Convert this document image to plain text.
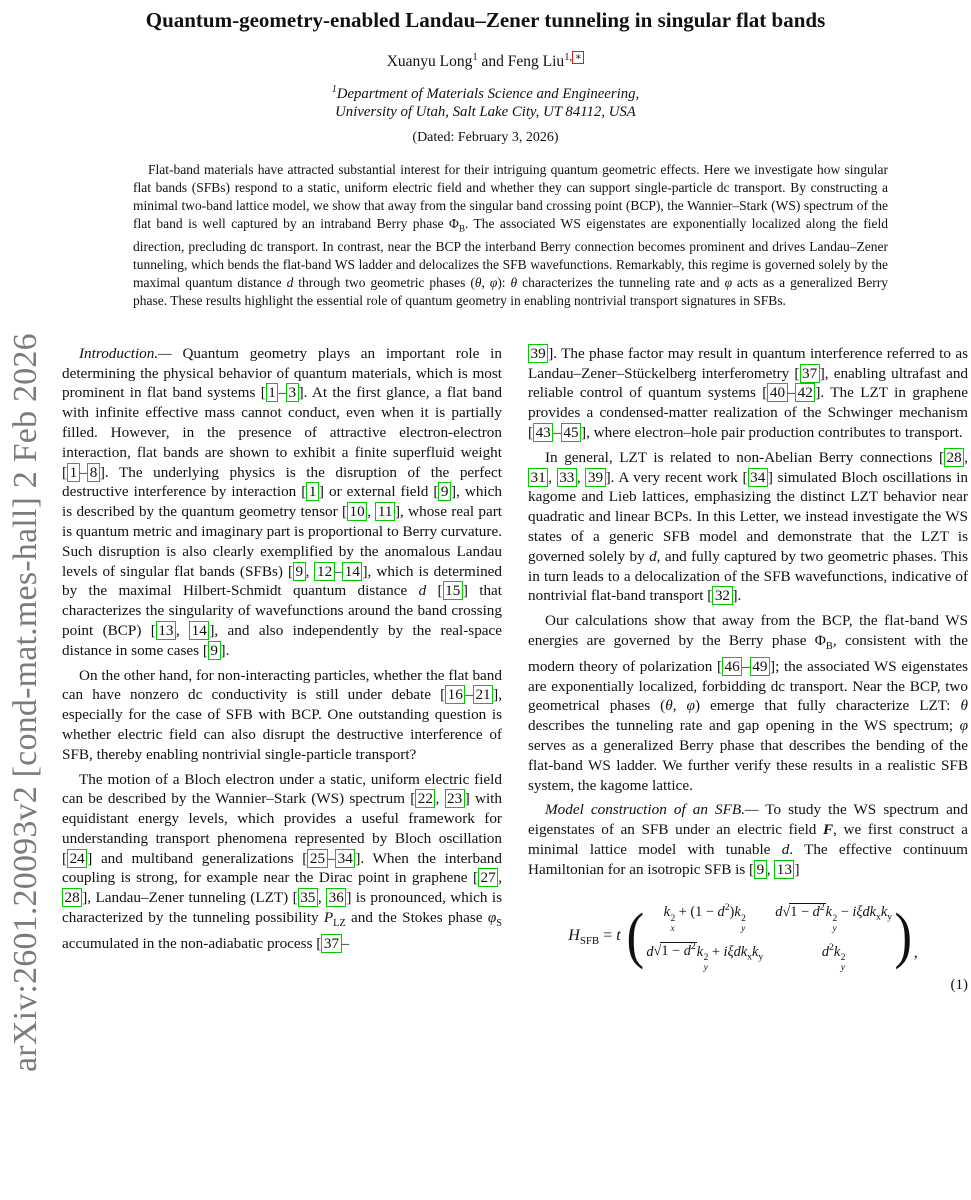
arXiv:2601.20093v2 [cond-mat.mes-hall] 2 Feb 2026
Quantum-geometry-enabled Landau–Zener tunneling in singular flat bands
Xuanyu Long$^1$ and Feng Liu$^{1,}$ ∗
$^1$Department of Materials Science and Engineering,
University of Utah, Salt Lake City, UT 84112, USA
(Dated: February 3, 2026)
Flat-band materials have attracted substantial interest for their intriguing quantum geometric effects. Here we investigate how singular flat bands (SFBs) respond to a static, uniform electric field and whether they can support single-particle dc transport. By constructing a minimal two-band lattice model, we show that away from the singular band crossing point (BCP), the Wannier–Stark (WS) spectrum of the flat band is well captured by an intraband Berry phase $\Phi_B$. The associated WS eigenstates are exponentially localized along the field direction, precluding dc transport. In contrast, near the BCP the interband Berry connection becomes prominent and drives Landau–Zener tunneling, which bends the flat-band WS ladder and delocalizes the SFB wavefunctions. Remarkably, this regime is governed solely by the maximal quantum distance d through two geometric phases (θ, φ): θ characterizes the tunneling rate and φ acts as a generalized Berry phase. These results highlight the essential role of quantum geometry in enabling nontrivial transport signatures in SFBs.

Introduction.— Quantum geometry plays an important role in determining the physical behavior of quantum materials, which is most prominent in flat band systems [ 1 – 3 ]. At the first glance, a flat band with infinite effective mass cannot conduct, even when it is partially filled. However, in the presence of attractive electron-electron interaction, flat bands are shown to exhibit a finite superfluid weight [ 1 – 8 ]. The underlying physics is the disruption of the perfect destructive interference by interaction [ 1 ] or external field [ 9 ], which is described by the quantum geometry tensor [ 10 , 11 ], whose real part is quantum metric and imaginary part is proportional to Berry curvature. Such disruption is also clearly exemplified by the anomalous Landau levels of singular flat bands (SFBs) [ 9 , 12 – 14 ], which is determined by the maximal Hilbert-Schmidt quantum distance d [ 15 ] that characterizes the singularity of wavefunctions around the band crossing point (BCP) [ 13 , 14 ], and also independently by the real-space distance in some cases [ 9 ].

On the other hand, for non-interacting particles, whether the flat band can have nonzero dc conductivity is still under debate [ 16 – 21 ], especially for the case of SFB with BCP. One outstanding question is whether electric field can also disrupt the destructive interference of SFB, thereby enabling nontrivial single-particle transport?

The motion of a Bloch electron under a static, uniform electric field can be described by the Wannier–Stark (WS) spectrum [ 22 , 23 ] with equidistant energy levels, which provides a useful framework for understanding transport phenomena represented by Bloch oscillation [ 24 ] and multiband generalizations [ 25 – 34 ]. When the interband coupling is strong, for example near the Dirac point in graphene [ 27 , 28 ], Landau–Zener tunneling (LZT) [ 35 , 36 ] is pronounced, which is characterized by the tunneling possibility $P_{LZ}$ and the Stokes phase $\varphi_S$ accumulated in the non-adiabatic process [ 37 –

39 ]. The phase factor may result in quantum interference referred to as Landau–Zener–Stückelberg interferometry [ 37 ], enabling ultrafast and reliable control of quantum systems [ 40 – 42 ]. The LZT in graphene provides a condensed-matter realization of the Schwinger mechanism [ 43 – 45 ], where electron–hole pair production contributes to transport.

In general, LZT is related to non-Abelian Berry connections [ 28 , 31 , 33 , 39 ]. A very recent work [ 34 ] simulated Bloch oscillations in kagome and Lieb lattices, emphasizing the distinct LZT behavior near quadratic and linear BCPs. In this Letter, we instead investigate the WS states of a generic SFB model and demonstrate that the LZT is governed solely by d, and fully captured by two geometric phases. This in turn leads to a delocalization of the SFB wavefunctions, indicative of nontrivial flat-band transport [ 32 ].

Our calculations show that away from the BCP, the flat-band WS energies are governed by the Berry phase $\Phi_B$, consistent with the modern theory of polarization [ 46 – 49 ]; the associated WS eigenstates are exponentially localized, forbidding dc transport. Near the BCP, two geometrical phases (θ, φ) emerge that fully characterize LZT: θ describes the tunneling rate and gap opening in the WS spectrum; φ serves as a generalized Berry phase that describes the bending of the flat-band WS ladder. We further verify these results in a realistic SFB system, the kagome lattice.

Model construction of an SFB.— To study the WS spectrum and eigenstates of an SFB under an electric field F, we first construct a minimal lattice model with tunable d. The effective continuum Hamiltonian for an isotropic SFB is [ 9 , 13 ]

$H_{SFB} = t$ ( k 2
x
+ $(1 - d^2)k$ 2
y
$d√1 - d^2k$ 2
y
− $i\xi dk_xk_y$
$d√1 - d^2k$ 2
y
+ $i\xi dk_xk_y$	$d^2k$ 2
y ) ,
(1)
